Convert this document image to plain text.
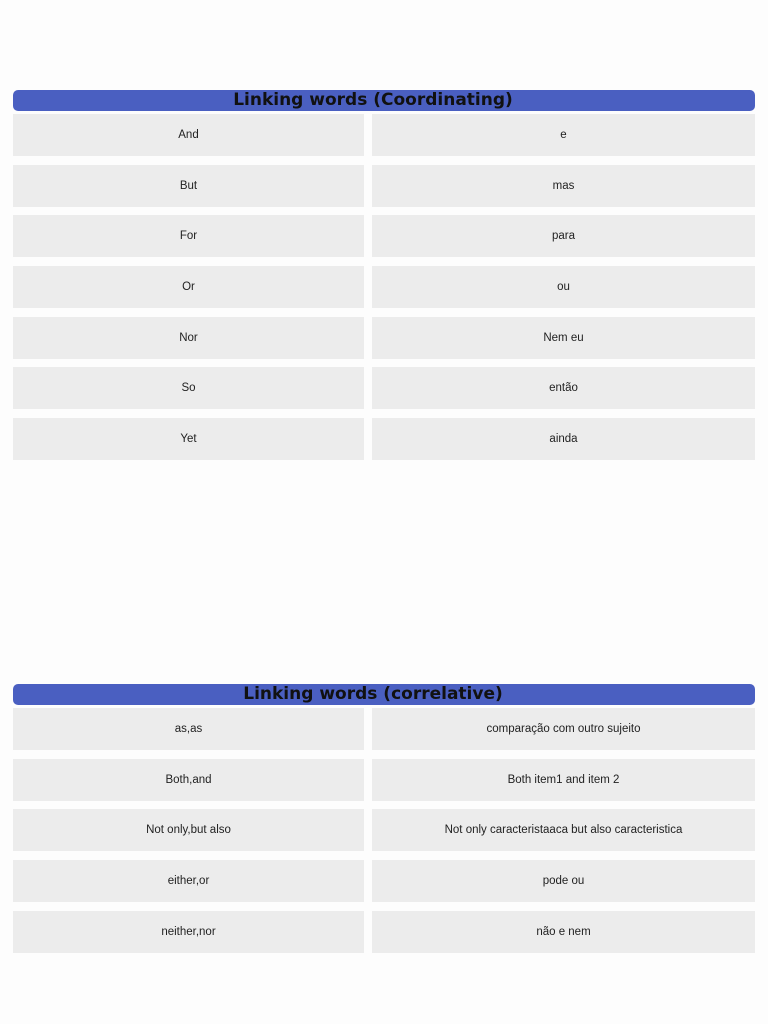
Linking words (Coordinating)
And	e
But	mas
For	para
Or	ou
Nor	Nem eu
So	então
Yet	ainda
Linking words (correlative)
as,as	comparação com outro sujeito
Both,and	Both item1 and item 2
Not only,but also	Not only caracteristaaca but also caracteristica
either,or	pode ou
neither,nor	não e nem
